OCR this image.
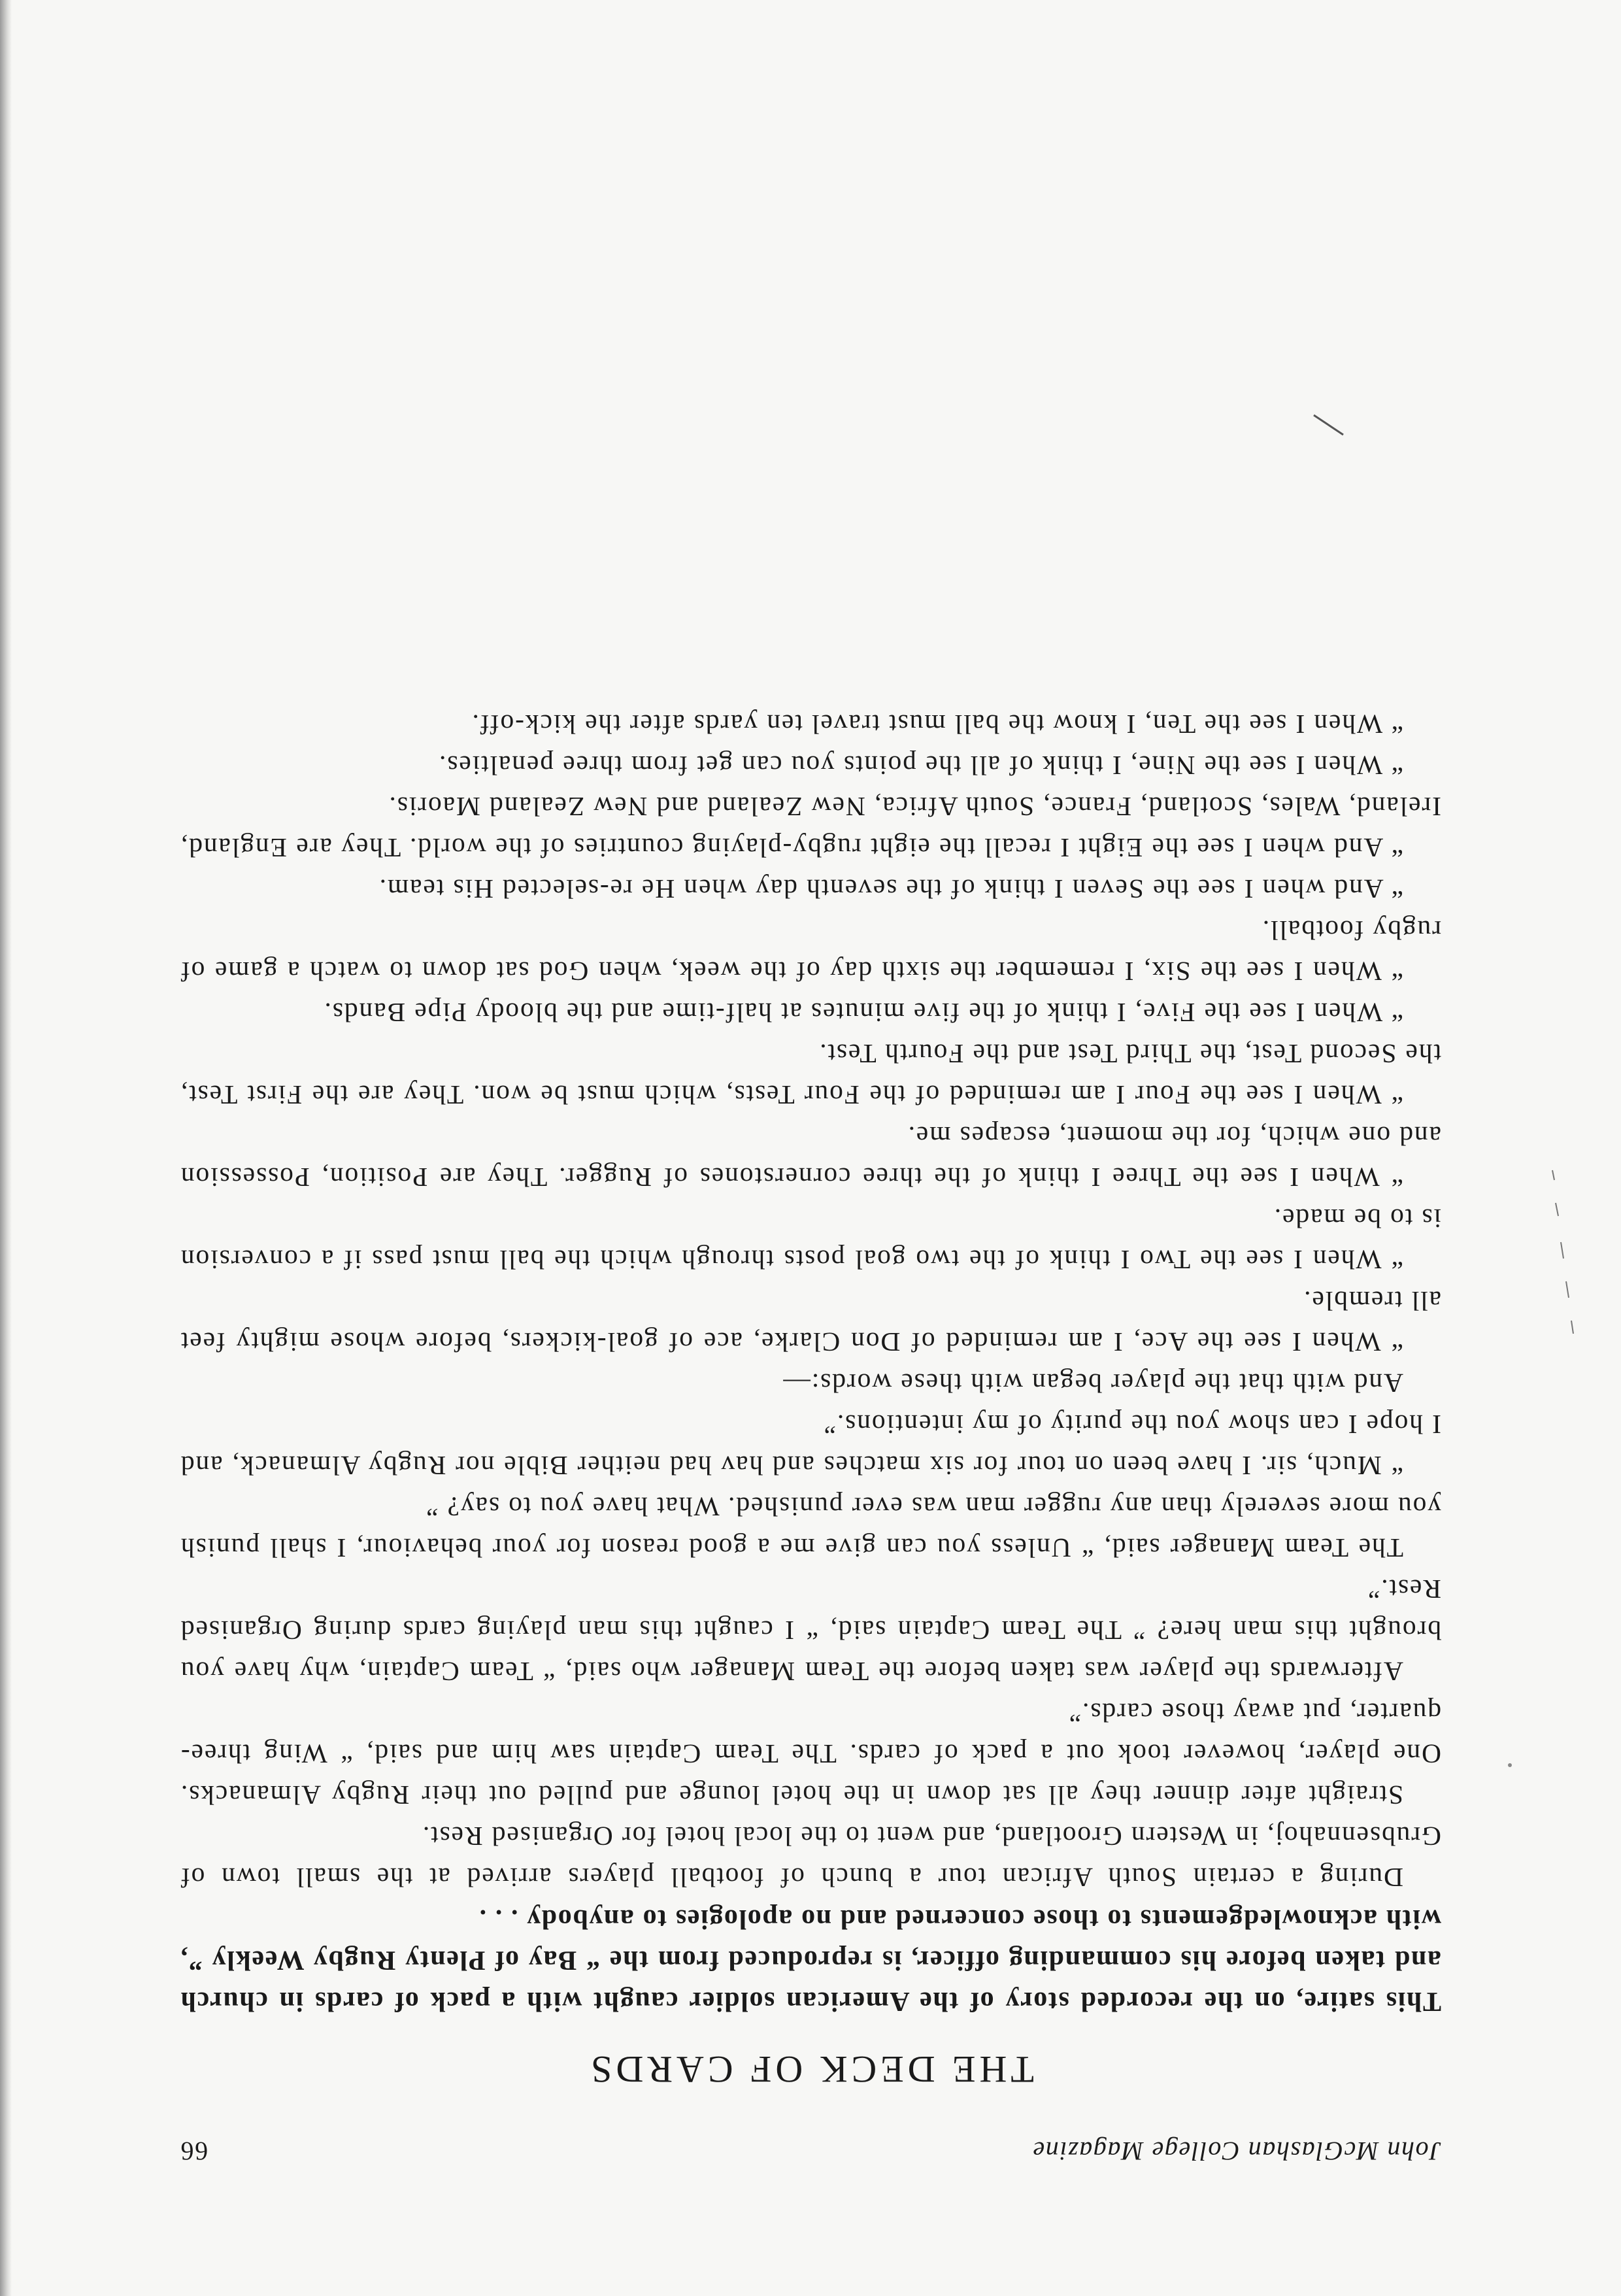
John McGlashan College Magazine
66
THE DECK OF CARDS

This satire, on the recorded story of the American soldier caught with a pack of cards in church and taken before his commanding officer, is reproduced from the “ Bay of Plenty Rugby Weekly ”, with acknowledgements to those concerned and no apologies to anybody . . .

During a certain South African tour a bunch of football players arrived at the small town of Grubsennahoj, in Western Grootland, and went to the local hotel for Organised Rest.

Straight after dinner they all sat down in the hotel lounge and pulled out their Rugby Almanacks. One player, however took out a pack of cards. The Team Captain saw him and said, “ Wing three-quarter, put away those cards.”

Afterwards the player was taken before the Team Manager who said, “ Team Captain, why have you brought this man here? ” The Team Captain said, “ I caught this man playing cards during Organised Rest.”

The Team Manager said, “ Unless you can give me a good reason for your behaviour, I shall punish you more severely than any rugger man was ever punished. What have you to say? ”

“ Much, sir. I have been on tour for six matches and hav had neither Bible nor Rugby Almanack, and I hope I can show you the purity of my intentions.”

And with that the player began with these words:—

“ When I see the Ace, I am reminded of Don Clarke, ace of goal-kickers, before whose mighty feet all tremble.

“ When I see the Two I think of the two goal posts through which the ball must pass if a conversion is to be made.

“ When I see the Three I think of the three cornerstones of Rugger. They are Position, Possession and one which, for the moment, escapes me.

“ When I see the Four I am reminded of the Four Tests, which must be won. They are the First Test, the Second Test, the Third Test and the Fourth Test.

“ When I see the Five, I think of the five minutes at half-time and the bloody Pipe Bands.

“ When I see the Six, I remember the sixth day of the week, when God sat down to watch a game of rugby football.

“ And when I see the Seven I think of the seventh day when He re-selected His team.

“ And when I see the Eight I recall the eight rugby-playing countries of the world. They are England, Ireland, Wales, Scotland, France, South Africa, New Zealand and New Zealand Maoris.

“ When I see the Nine, I think of all the points you can get from three penalties.

“ When I see the Ten, I know the ball must travel ten yards after the kick-off.
